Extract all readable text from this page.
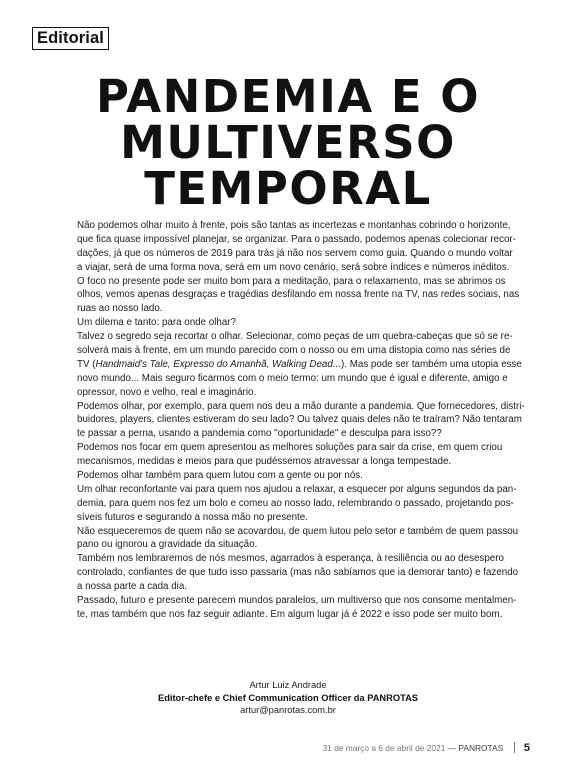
Editorial
PANDEMIA E O
MULTIVERSO
TEMPORAL
Não podemos olhar muito à frente, pois são tantas as incertezas e montanhas cobrindo o horizonte,
que fica quase impossível planejar, se organizar. Para o passado, podemos apenas colecionar recor-
dações, já que os números de 2019 para trás já não nos servem como guia. Quando o mundo voltar
a viajar, será de uma forma nova, será em um novo cenário, será sobre índices e números inéditos.
O foco no presente pode ser muito bom para a meditação, para o relaxamento, mas se abrimos os
olhos, vemos apenas desgraças e tragédias desfilando em nossa frente na TV, nas redes sociais, nas
ruas ao nosso lado.
Um dilema e tanto: para onde olhar?
Talvez o segredo seja recortar o olhar. Selecionar, como peças de um quebra-cabeças que só se re-
solverá mais à frente, em um mundo parecido com o nosso ou em uma distopia como nas séries de
TV (Handmaid's Tale, Expresso do Amanhã, Walking Dead...). Mas pode ser também uma utopia esse
novo mundo... Mais seguro ficarmos com o meio termo: um mundo que é igual e diferente, amigo e
opressor, novo e velho, real e imaginário.
Podemos olhar, por exemplo, para quem nos deu a mão durante a pandemia. Que fornecedores, distri-
buidores, players, clientes estiveram do seu lado? Ou talvez quais deles não te traíram? Não tentaram
te passar a perna, usando a pandemia como "oportunidade" e desculpa para isso??
Podemos nos focar em quem apresentou as melhores soluções para sair da crise, em quem criou
mecanismos, medidas e meios para que pudéssemos atravessar a longa tempestade.
Podemos olhar também para quem lutou com a gente ou por nós.
Um olhar reconfortante vai para quem nos ajudou a relaxar, a esquecer por alguns segundos da pan-
demia, para quem nos fez um bolo e comeu ao nosso lado, relembrando o passado, projetando pos-
síveis futuros e segurando a nossa mão no presente.
Não esqueceremos de quem não se acovardou, de quem lutou pelo setor e também de quem passou
pano ou ignorou a gravidade da situação.
Também nos lembraremos de nós mesmos, agarrados à esperança, à resiliência ou ao desespero
controlado, confiantes de que tudo isso passaria (mas não sabíamos que ia demorar tanto) e fazendo
a nossa parte a cada dia.
Passado, futuro e presente parecem mundos paralelos, um multiverso que nos consome mentalmen-
te, mas também que nos faz seguir adiante. Em algum lugar já é 2022 e isso pode ser muito bom.
Artur Luiz Andrade
Editor-chefe e Chief Communication Officer da PANROTAS
artur@panrotas.com.br
31 de março a 6 de abril de 2021 — PANROTAS 5
